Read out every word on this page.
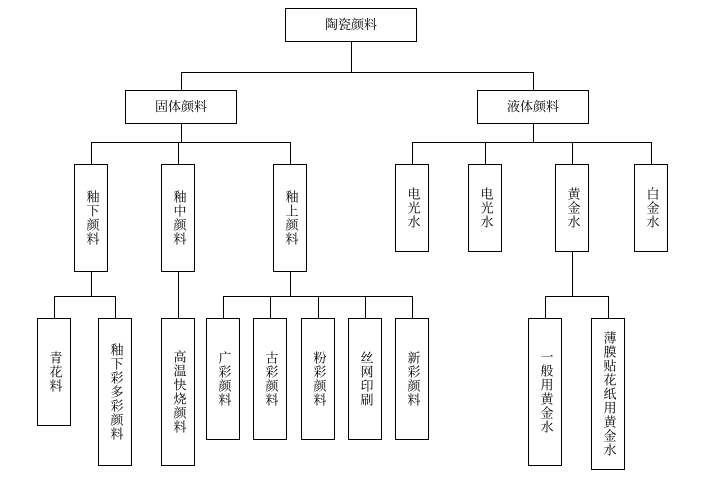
陶瓷颜料
固体颜料	液体颜料
釉下颜料	釉中颜料	釉上颜料	电光水	电光水	黄金水	白金水
青花料	釉下彩多彩颜料	高温快烧颜料 广彩颜料 古彩颜料	粉彩颜料 丝网印刷 新彩颜料	一般用黄金水	薄膜贴花纸用黄金水
